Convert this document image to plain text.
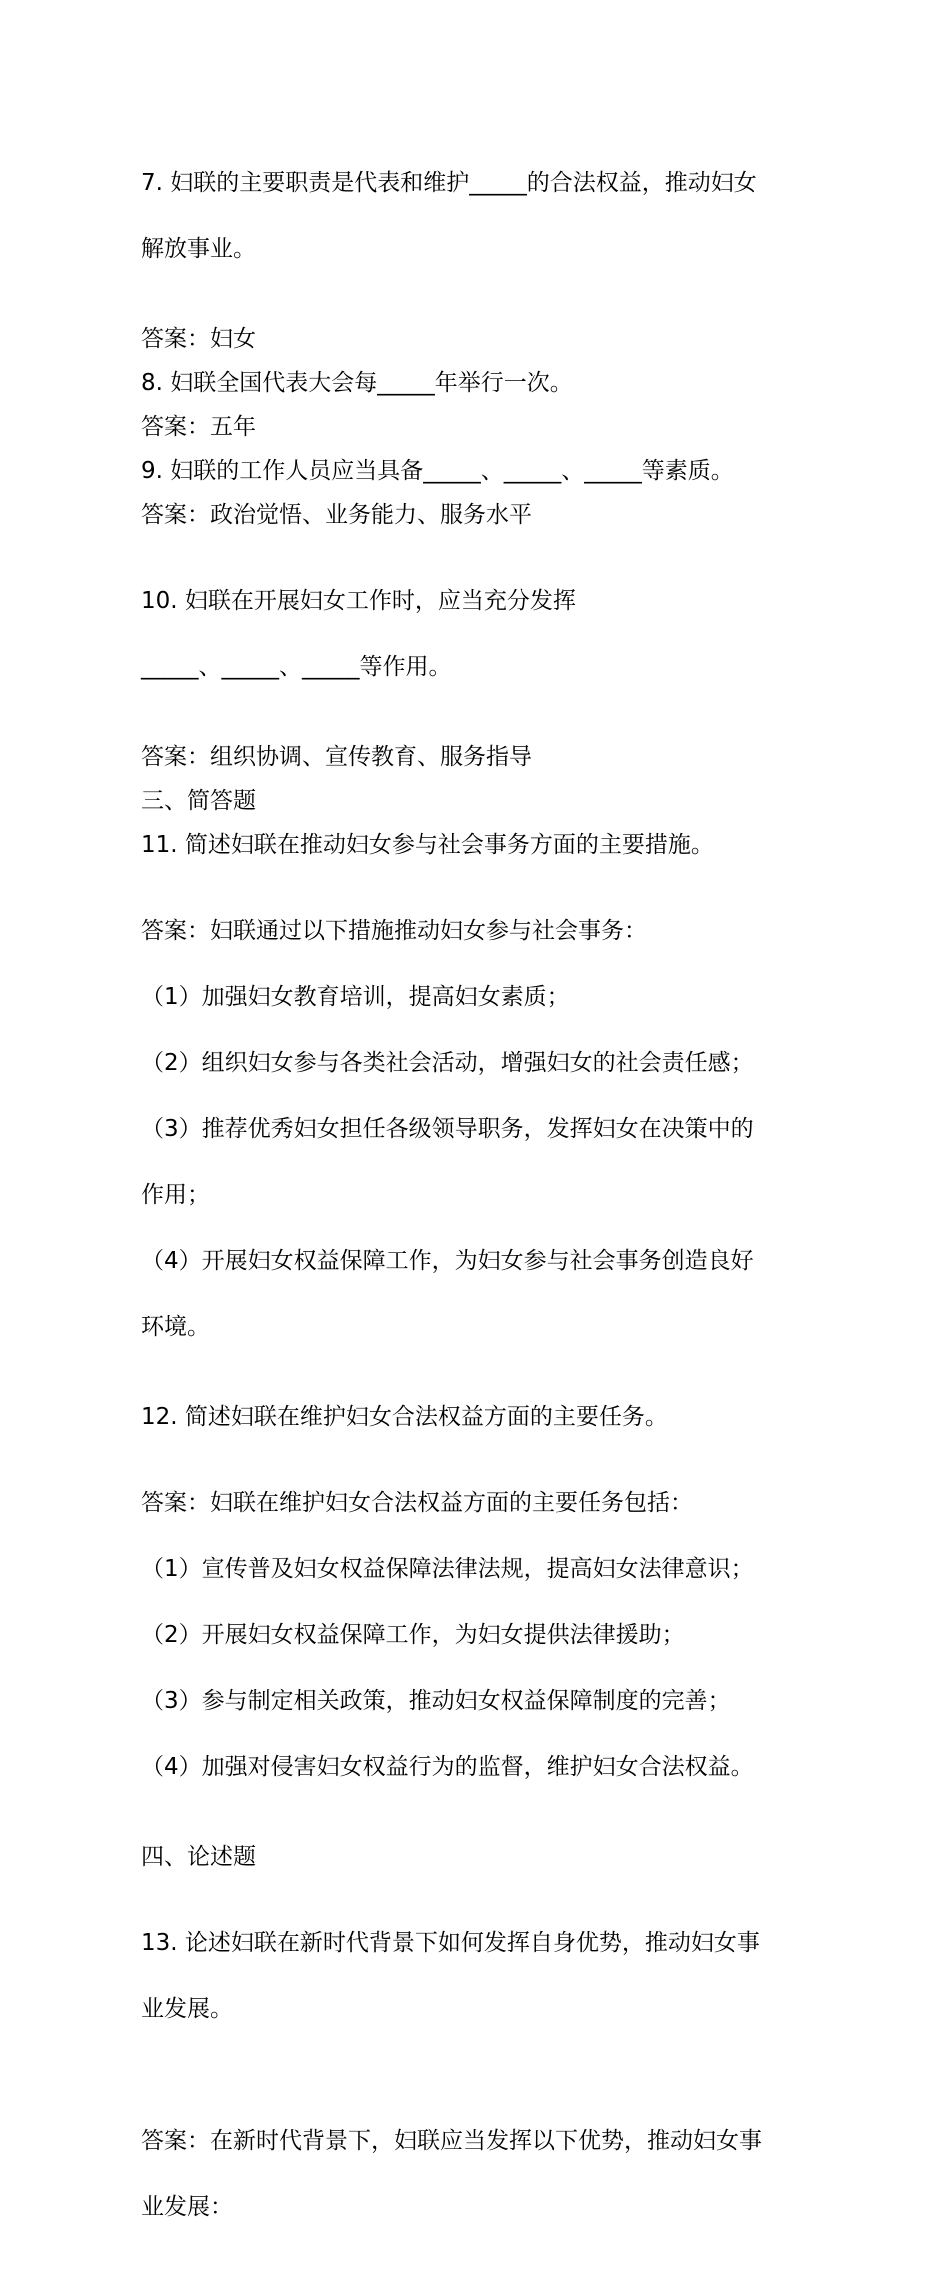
7. 妇联的主要职责是代表和维护_____的合法权益，推动妇女

解放事业。

答案：妇女
8. 妇联全国代表大会每_____年举行一次。
答案：五年
9. 妇联的工作人员应当具备_____、_____、_____等素质。
答案：政治觉悟、业务能力、服务水平

10. 妇联在开展妇女工作时，应当充分发挥

_____、_____、_____等作用。

答案：组织协调、宣传教育、服务指导
三、简答题
11. 简述妇联在推动妇女参与社会事务方面的主要措施。

答案：妇联通过以下措施推动妇女参与社会事务：

（1）加强妇女教育培训，提高妇女素质；

（2）组织妇女参与各类社会活动，增强妇女的社会责任感；

（3）推荐优秀妇女担任各级领导职务，发挥妇女在决策中的

作用；

（4）开展妇女权益保障工作，为妇女参与社会事务创造良好

环境。

12. 简述妇联在维护妇女合法权益方面的主要任务。

答案：妇联在维护妇女合法权益方面的主要任务包括：

（1）宣传普及妇女权益保障法律法规，提高妇女法律意识；

（2）开展妇女权益保障工作，为妇女提供法律援助；

（3）参与制定相关政策，推动妇女权益保障制度的完善；

（4）加强对侵害妇女权益行为的监督，维护妇女合法权益。

四、论述题

13. 论述妇联在新时代背景下如何发挥自身优势，推动妇女事

业发展。

答案：在新时代背景下，妇联应当发挥以下优势，推动妇女事

业发展：
